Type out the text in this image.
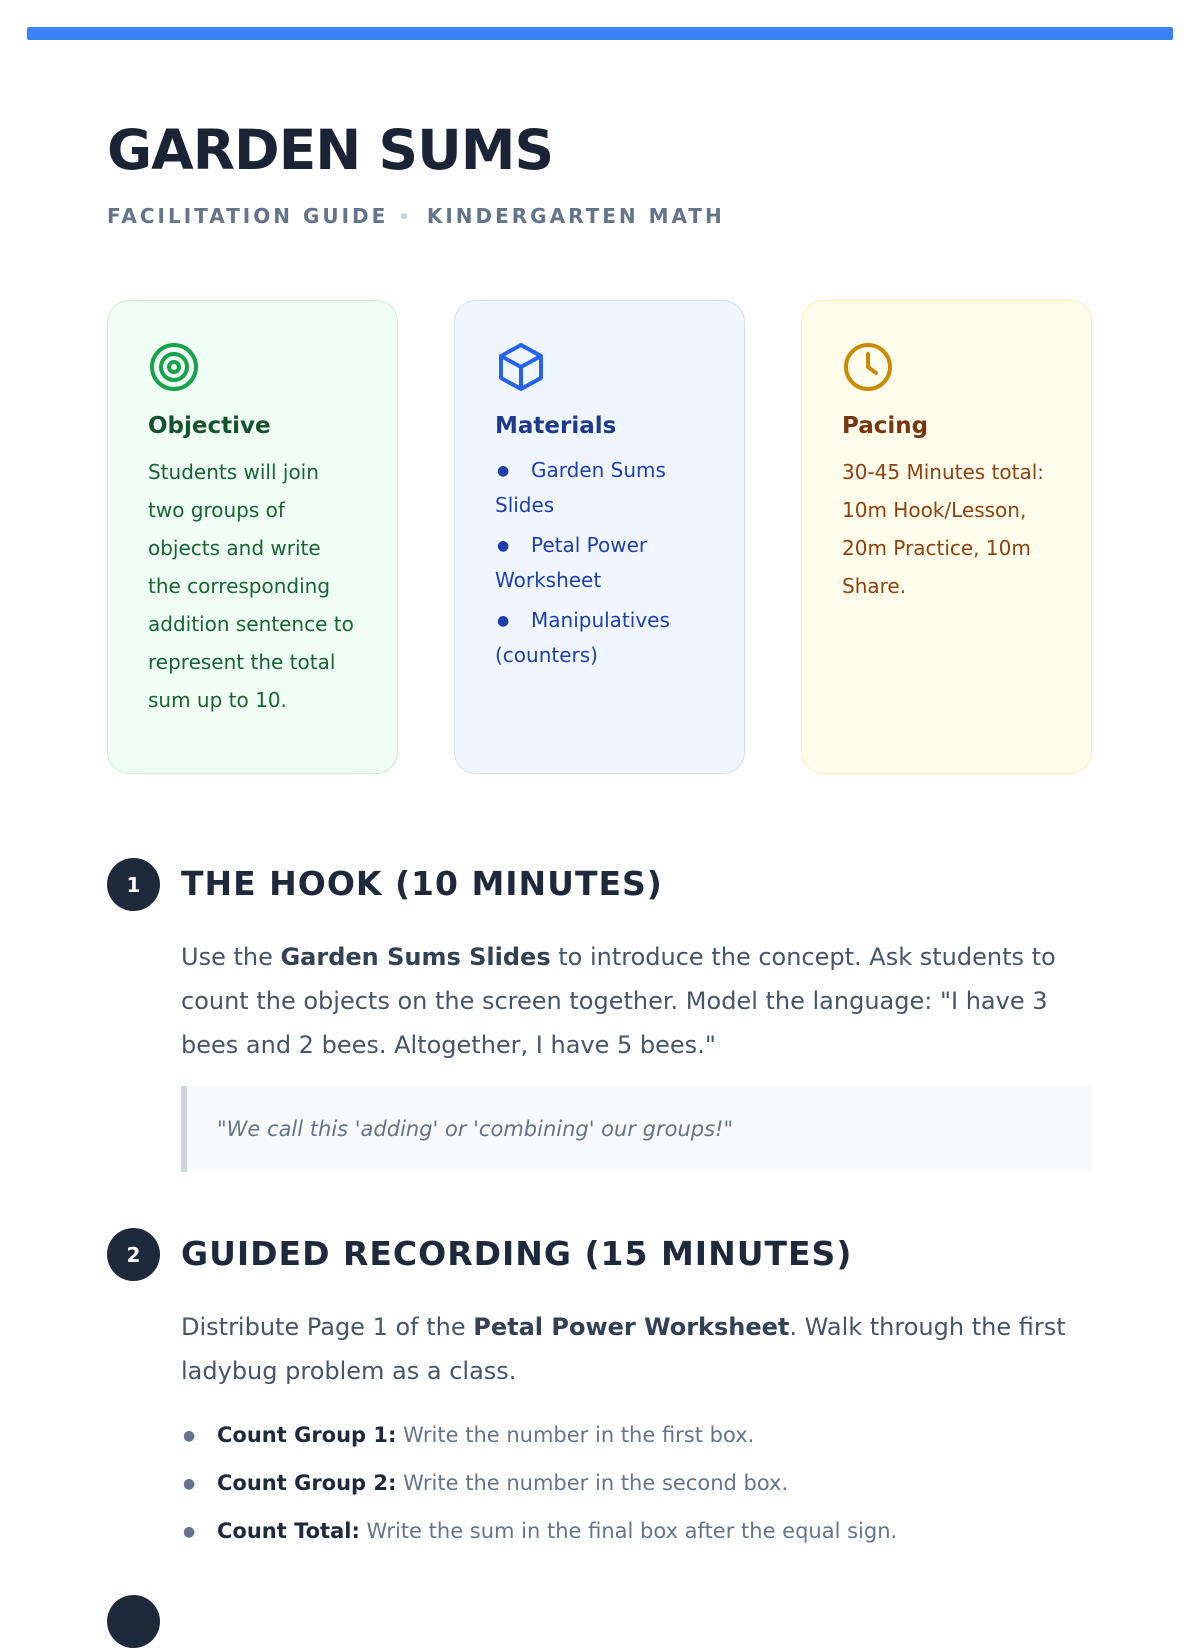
GARDEN SUMS
FACILITATION GUIDE • KINDERGARTEN MATH
Objective

Students will join two groups of objects and write the corresponding addition sentence to represent the total sum up to 10.

Materials
● Garden Sums Slides
● Petal Power Worksheet
● Manipulatives (counters)
Pacing

30-45 Minutes total: 10m Hook/Lesson, 20m Practice, 10m Share.

1	THE HOOK (10 MINUTES)

Use the Garden Sums Slides to introduce the concept. Ask students to count the objects on the screen together. Model the language: "I have 3 bees and 2 bees. Altogether, I have 5 bees."

"We call this 'adding' or 'combining' our groups!"
2	GUIDED RECORDING (15 MINUTES)

Distribute Page 1 of the Petal Power Worksheet. Walk through the first ladybug problem as a class.

● Count Group 1: Write the number in the first box.
● Count Group 2: Write the number in the second box.
● Count Total: Write the sum in the final box after the equal sign.
